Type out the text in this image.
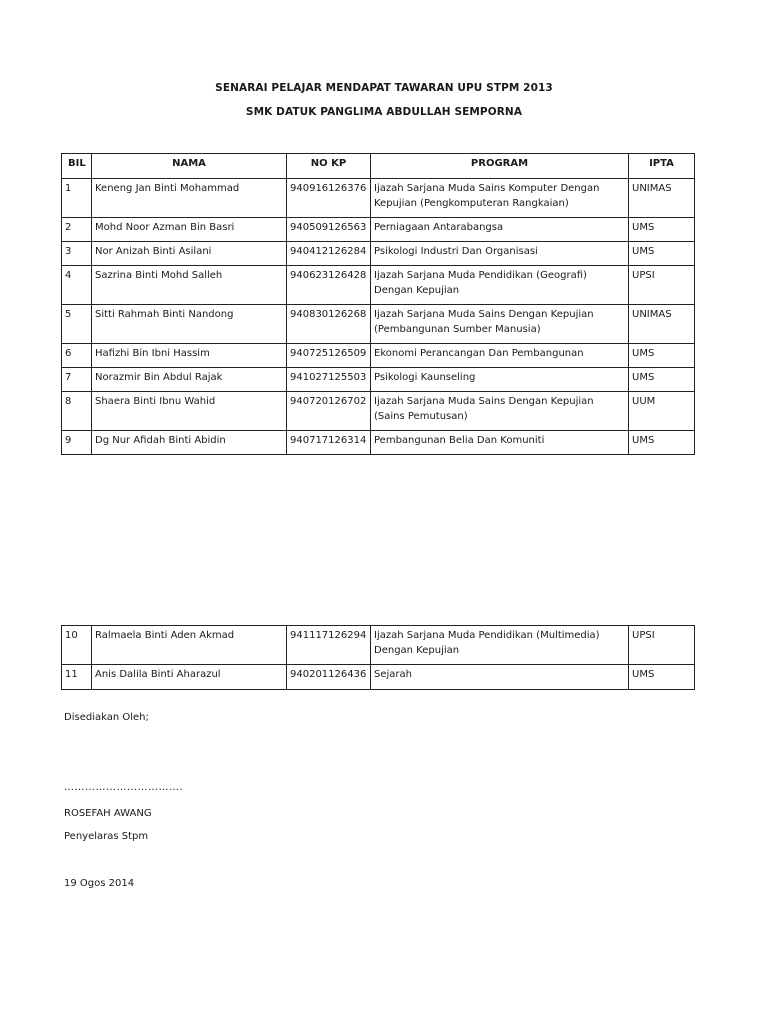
SENARAI PELAJAR MENDAPAT TAWARAN UPU STPM 2013
SMK DATUK PANGLIMA ABDULLAH SEMPORNA
BIL	NAMA	NO KP	PROGRAM	IPTA
1	Keneng Jan Binti Mohammad	940916126376	Ijazah Sarjana Muda Sains Komputer Dengan Kepujian (Pengkomputeran Rangkaian)	UNIMAS
2	Mohd Noor Azman Bin Basri	940509126563	Perniagaan Antarabangsa	UMS
3	Nor Anizah Binti Asilani	940412126284	Psikologi Industri Dan Organisasi	UMS
4	Sazrina Binti Mohd Salleh	940623126428	Ijazah Sarjana Muda Pendidikan (Geografi) Dengan Kepujian	UPSI
5	Sitti Rahmah Binti Nandong	940830126268	Ijazah Sarjana Muda Sains Dengan Kepujian (Pembangunan Sumber Manusia)	UNIMAS
6	Hafizhi Bin Ibni Hassim	940725126509	Ekonomi Perancangan Dan Pembangunan	UMS
7	Norazmir Bin Abdul Rajak	941027125503	Psikologi Kaunseling	UMS
8	Shaera Binti Ibnu Wahid	940720126702	Ijazah Sarjana Muda Sains Dengan Kepujian (Sains Pemutusan)	UUM
9	Dg Nur Afidah Binti Abidin	940717126314	Pembangunan Belia Dan Komuniti	UMS
10	Ralmaela Binti Aden Akmad	941117126294	Ijazah Sarjana Muda Pendidikan (Multimedia) Dengan Kepujian	UPSI
11	Anis Dalila Binti Aharazul	940201126436	Sejarah	UMS
Disediakan Oleh;
…………………………….
ROSEFAH AWANG
Penyelaras Stpm
19 Ogos 2014
